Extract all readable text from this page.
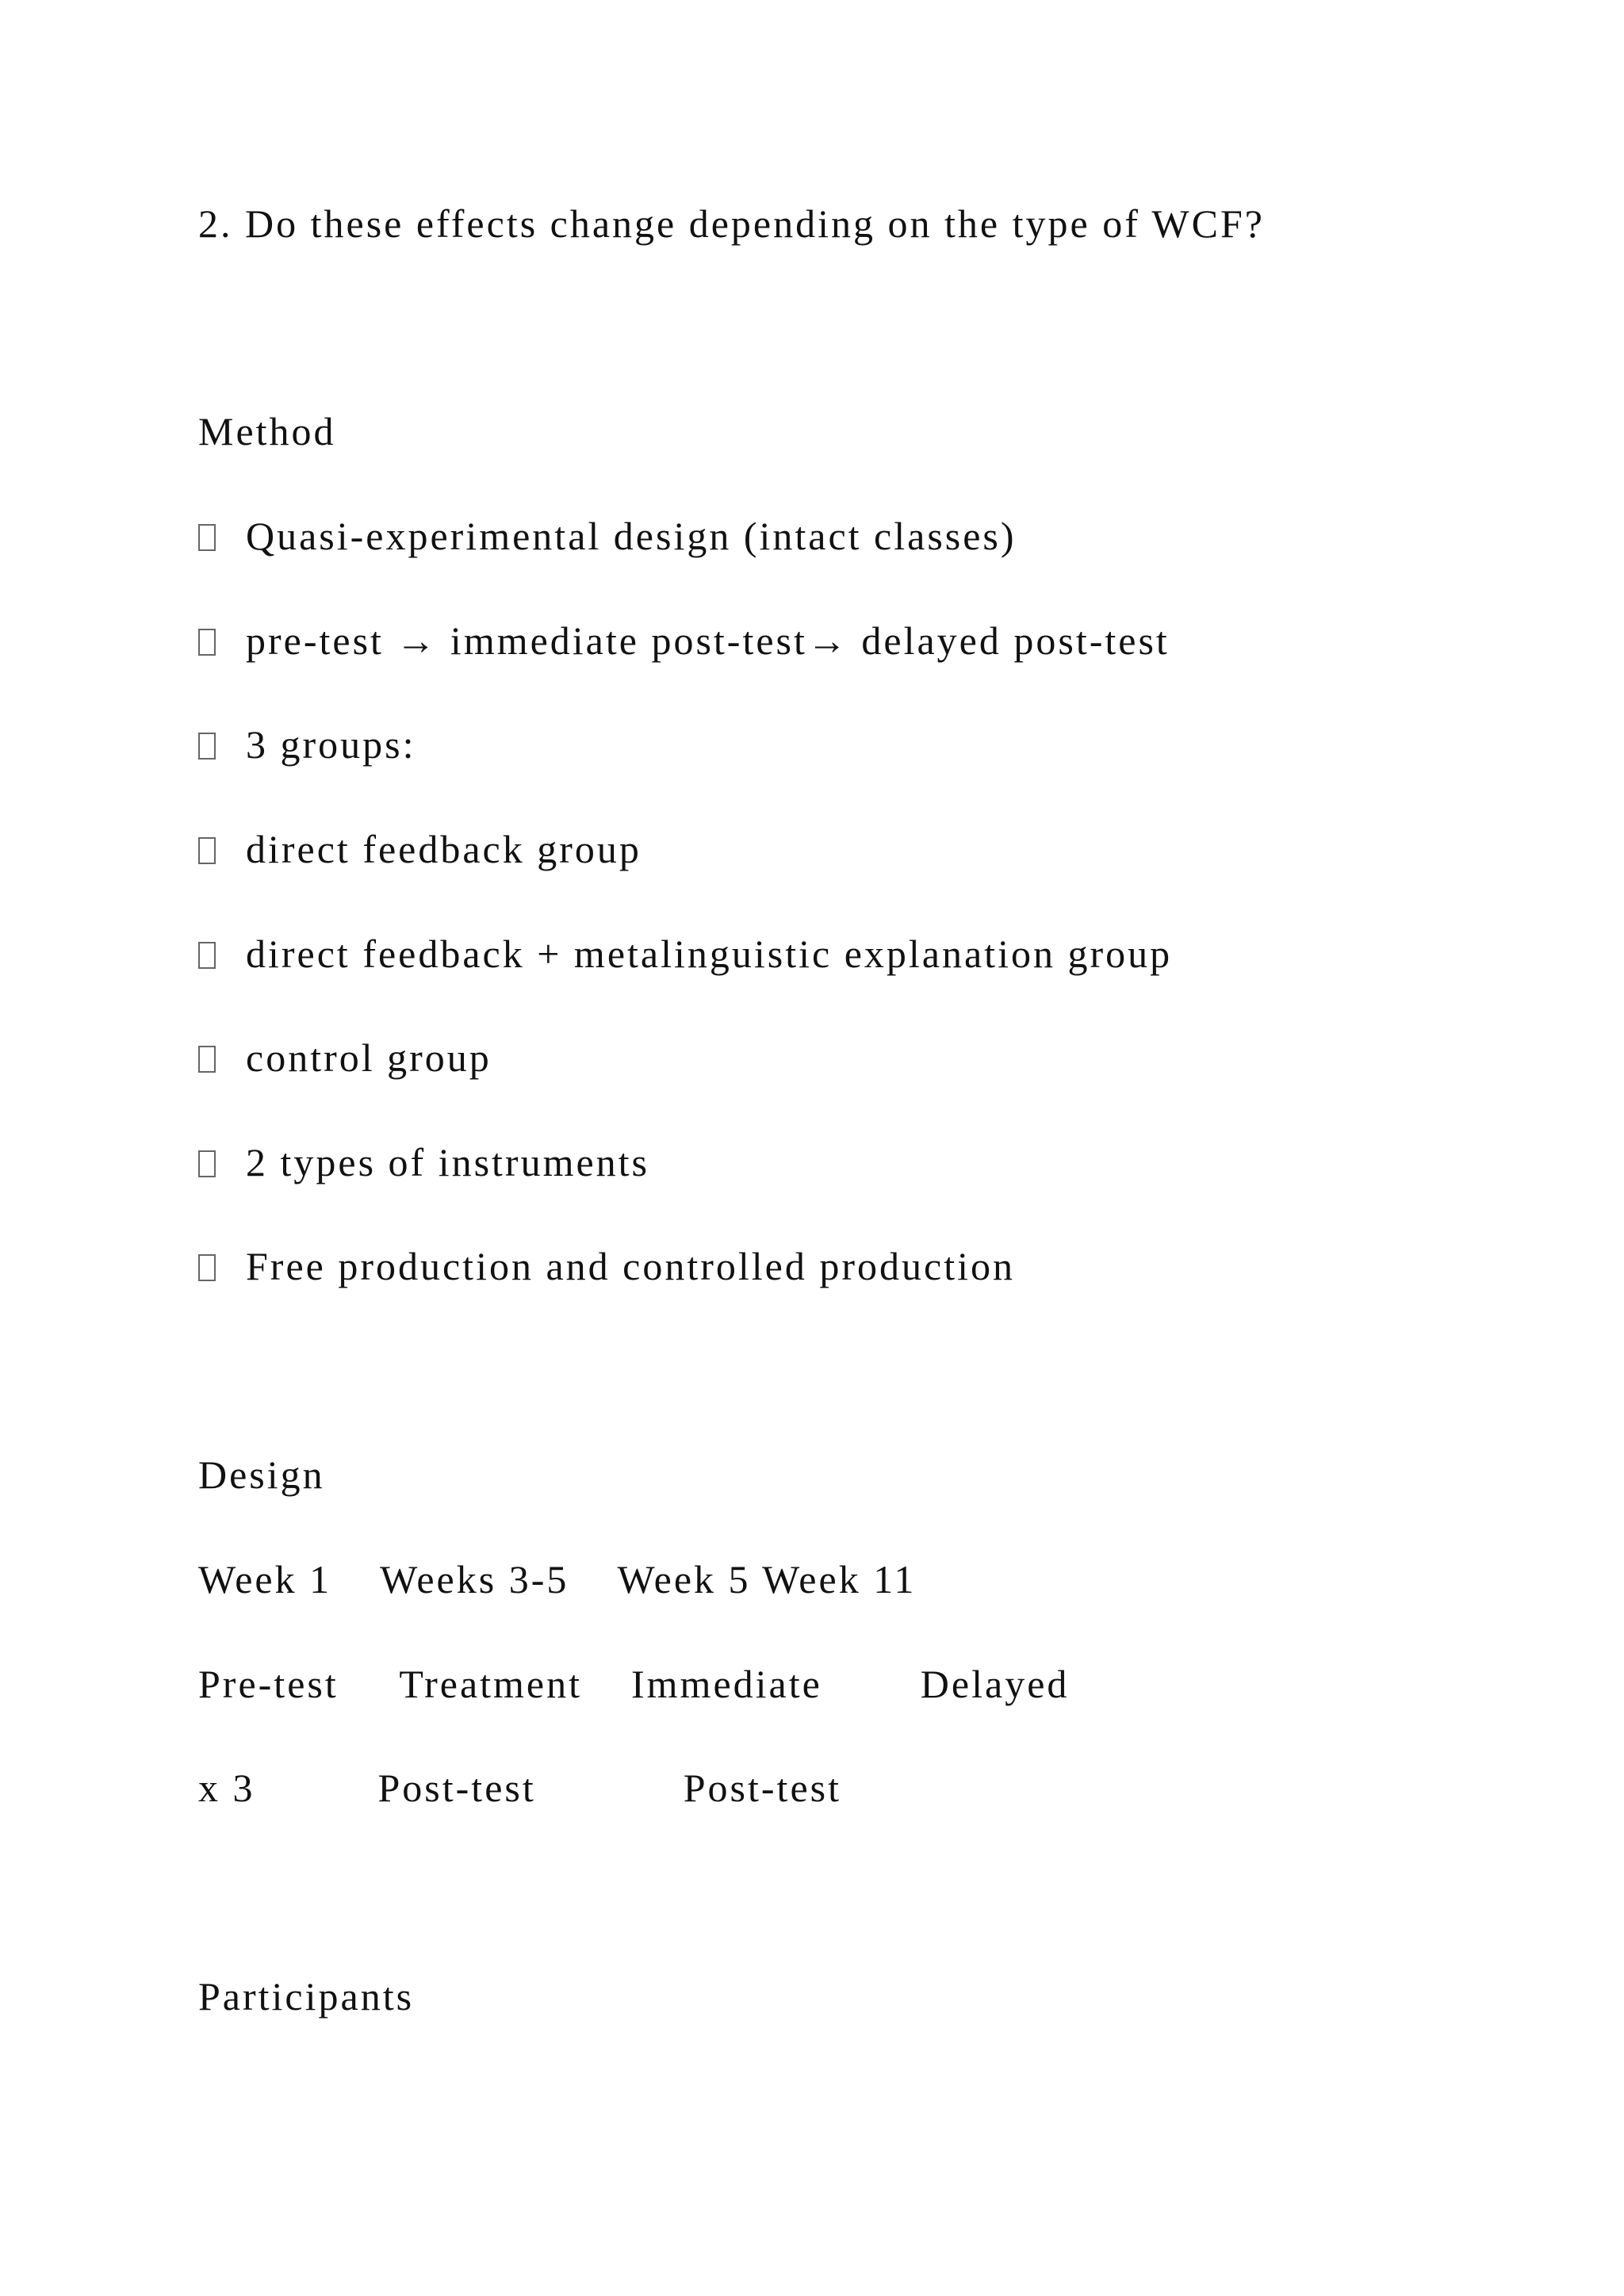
2. Do these effects change depending on the type of WCF?
Method
Quasi-experimental design (intact classes)
pre-test → immediate post-test→ delayed post-test
3 groups:
direct feedback group
direct feedback + metalinguistic explanation group
control group
2 types of instruments
Free production and controlled production
Design
Week 1    Weeks 3-5    Week 5 Week 11
Pre-test     Treatment    Immediate        Delayed
x 3          Post-test            Post-test
Participants
